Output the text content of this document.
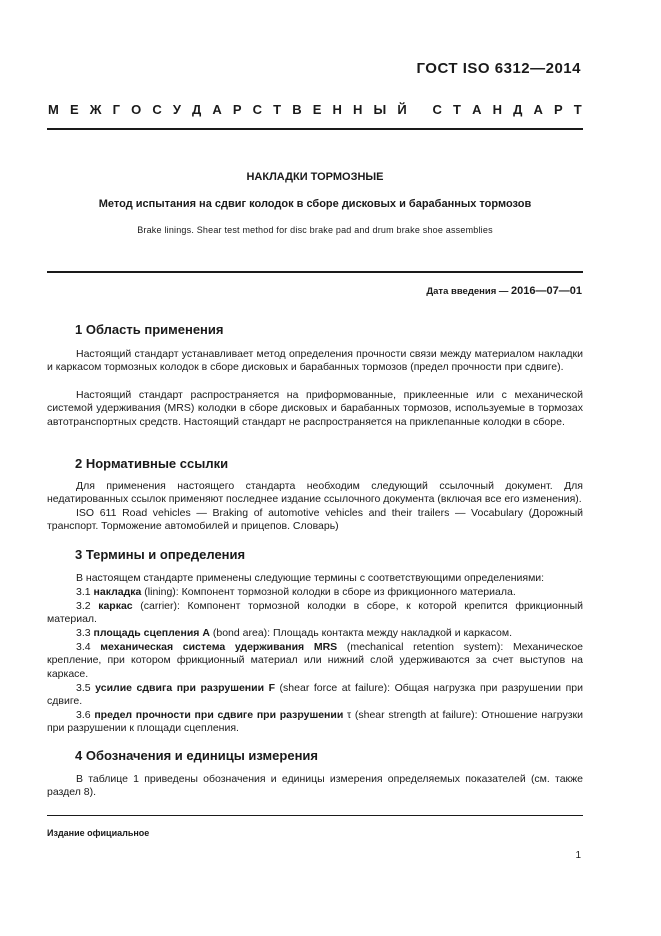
ГОСТ ISO 6312—2014
М Е Ж Г О С У Д А Р С Т В Е Н Н Ы Й
С Т А Н Д А Р Т
НАКЛАДКИ ТОРМОЗНЫЕ
Метод испытания на сдвиг колодок в сборе дисковых и барабанных тормозов
Brake linings. Shear test method for disc brake pad and drum brake shoe assemblies
Дата введения — 2016—07—01
1 Область применения

Настоящий стандарт устанавливает метод определения прочности связи между материалом накладки и каркасом тормозных колодок в сборе дисковых и барабанных тормозов (предел прочности при сдвиге).

Настоящий стандарт распространяется на приформованные, приклеенные или с механической системой удерживания (MRS) колодки в сборе дисковых и барабанных тормозов, используемые в тормозах автотранспортных средств. Настоящий стандарт не распространяется на приклепанные колодки в сборе.

2 Нормативные ссылки

Для применения настоящего стандарта необходим следующий ссылочный документ. Для недатированных ссылок применяют последнее издание ссылочного документа (включая все его изменения).

ISO 611 Road vehicles — Braking of automotive vehicles and their trailers — Vocabulary (Дорожный транспорт. Торможение автомобилей и прицепов. Словарь)

3 Термины и определения

В настоящем стандарте применены следующие термины с соответствующими определениями:

3.1 накладка (lining): Компонент тормозной колодки в сборе из фрикционного материала.

3.2 каркас (carrier): Компонент тормозной колодки в сборе, к которой крепится фрикционный материал.

3.3 площадь сцепления A (bond area): Площадь контакта между накладкой и каркасом.

3.4 механическая система удерживания MRS (mechanical retention system): Механическое крепление, при котором фрикционный материал или нижний слой удерживаются за счет выступов на каркасе.

3.5 усилие сдвига при разрушении F (shear force at failure): Общая нагрузка при разрушении при сдвиге.

3.6 предел прочности при сдвиге при разрушении τ (shear strength at failure): Отношение нагрузки при разрушении к площади сцепления.

4 Обозначения и единицы измерения

В таблице 1 приведены обозначения и единицы измерения определяемых показателей (см. также раздел 8).

Издание официальное
1
